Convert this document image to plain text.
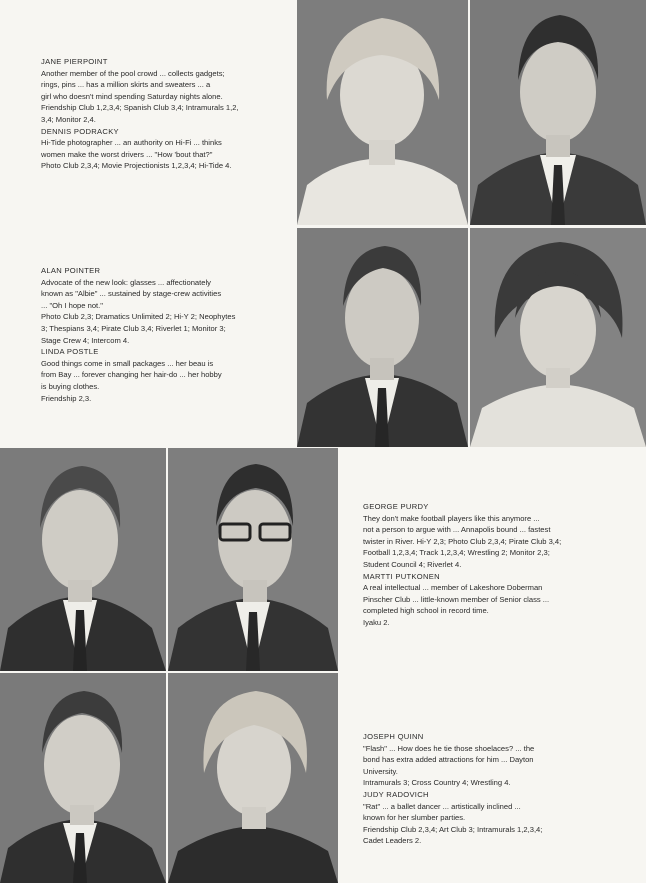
JANE PIERPOINT
Another member of the pool crowd ... collects gadgets;
rings, pins ... has a million skirts and sweaters ... a
girl who doesn't mind spending Saturday nights alone.
Friendship Club 1,2,3,4; Spanish Club 3,4; Intramurals 1,2,
3,4; Monitor 2,4.
DENNIS PODRACKY
Hi-Tide photographer ... an authority on Hi-Fi ... thinks
women make the worst drivers ... "How 'bout that?"
Photo Club 2,3,4; Movie Projectionists 1,2,3,4; Hi-Tide 4.
ALAN POINTER
Advocate of the new look: glasses ... affectionately
known as "Albie" ... sustained by stage-crew activities
... "Oh I hope not."
Photo Club 2,3; Dramatics Unlimited 2; Hi-Y 2; Neophytes
3; Thespians 3,4; Pirate Club 3,4; Riverlet 1; Monitor 3;
Stage Crew 4; Intercom 4.
LINDA POSTLE
Good things come in small packages ... her beau is
from Bay ... forever changing her hair-do ... her hobby
is buying clothes.
Friendship 2,3.
GEORGE PURDY
They don't make football players like this anymore ...
not a person to argue with ... Annapolis bound ... fastest
twister in River. Hi-Y 2,3; Photo Club 2,3,4; Pirate Club 3,4;
Football 1,2,3,4; Track 1,2,3,4; Wrestling 2; Monitor 2,3;
Student Council 4; Riverlet 4.
MARTTI PUTKONEN
A real intellectual ... member of Lakeshore Doberman
Pinscher Club ... little-known member of Senior class ...
completed high school in record time.
Iyaku 2.
JOSEPH QUINN
"Flash" ... How does he tie those shoelaces? ... the
bond has extra added attractions for him ... Dayton
University.
Intramurals 3; Cross Country 4; Wrestling 4.
JUDY RADOVICH
"Rat" ... a ballet dancer ... artistically inclined ...
known for her slumber parties.
Friendship Club 2,3,4; Art Club 3; Intramurals 1,2,3,4;
Cadet Leaders 2.
